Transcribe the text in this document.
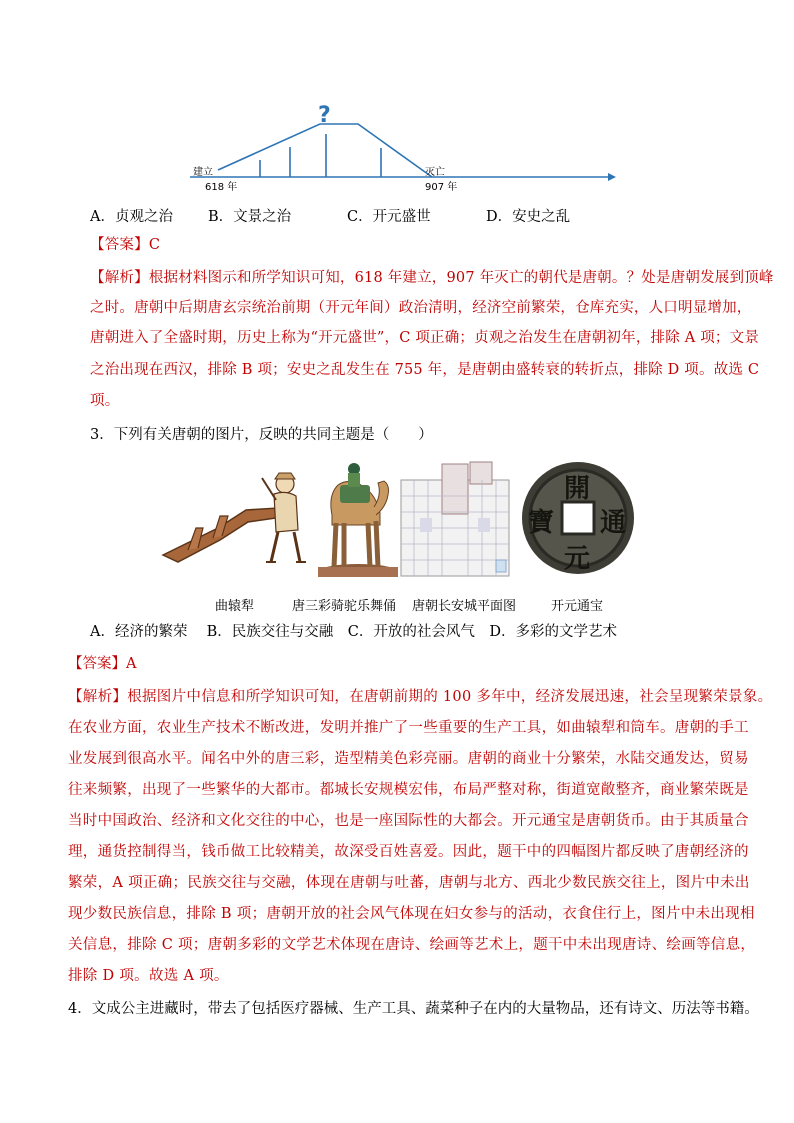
?
建立
618 年
灭亡
907 年
A．贞观之治 B．文景之治	C．开元盛世	D．安史之乱
【答案】C
【解析】根据材料图示和所学知识可知，618 年建立，907 年灭亡的朝代是唐朝。？处是唐朝发展到顶峰
之时。唐朝中后期唐玄宗统治前期（开元年间）政治清明，经济空前繁荣，仓库充实，人口明显增加，
唐朝进入了全盛时期，历史上称为“开元盛世”，C 项正确；贞观之治发生在唐朝初年，排除 A 项；文景
之治出现在西汉，排除 B 项；安史之乱发生在 755 年，是唐朝由盛转衰的转折点，排除 D 项。故选 C
项。
3．下列有关唐朝的图片，反映的共同主题是（　　）
開
元
通
寶
曲辕犁	唐三彩骑驼乐舞俑 唐朝长安城平面图	开元通宝
A．经济的繁荣　 B．民族交往与交融　C．开放的社会风气　D．多彩的文学艺术
【答案】A
【解析】根据图片中信息和所学知识可知，在唐朝前期的 100 多年中，经济发展迅速，社会呈现繁荣景象。
在农业方面，农业生产技术不断改进，发明并推广了一些重要的生产工具，如曲辕犁和筒车。唐朝的手工
业发展到很高水平。闻名中外的唐三彩，造型精美色彩亮丽。唐朝的商业十分繁荣，水陆交通发达，贸易
往来频繁，出现了一些繁华的大都市。都城长安规模宏伟，布局严整对称，街道宽敞整齐，商业繁荣既是
当时中国政治、经济和文化交往的中心，也是一座国际性的大都会。开元通宝是唐朝货币。由于其质量合
理，通货控制得当，钱币做工比较精美，故深受百姓喜爱。因此，题干中的四幅图片都反映了唐朝经济的
繁荣，A 项正确；民族交往与交融，体现在唐朝与吐蕃，唐朝与北方、西北少数民族交往上，图片中未出
现少数民族信息，排除 B 项；唐朝开放的社会风气体现在妇女参与的活动，衣食住行上，图片中未出现相
关信息，排除 C 项；唐朝多彩的文学艺术体现在唐诗、绘画等艺术上，题干中未出现唐诗、绘画等信息，
排除 D 项。故选 A 项。
4．文成公主进藏时，带去了包括医疗器械、生产工具、蔬菜种子在内的大量物品，还有诗文、历法等书籍。
